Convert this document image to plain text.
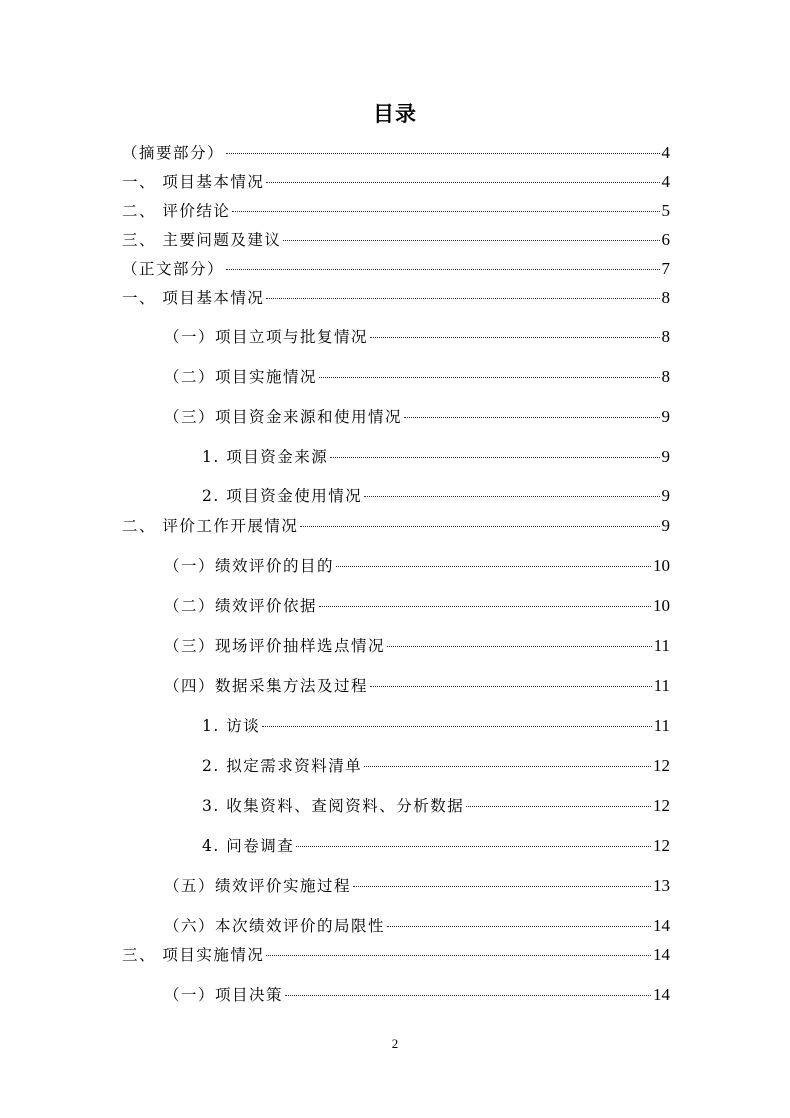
目录
（摘要部分）	4
一、 项目基本情况	4
二、 评价结论	5
三、 主要问题及建议	6
（正文部分）	7
一、 项目基本情况	8
（一）项目立项与批复情况	8
（二）项目实施情况	8
（三）项目资金来源和使用情况	9
1. 项目资金来源	9
2. 项目资金使用情况	9
二、 评价工作开展情况	9
（一）绩效评价的目的	10
（二）绩效评价依据	10
（三）现场评价抽样选点情况	11
（四）数据采集方法及过程	11
1. 访谈	11
2. 拟定需求资料清单	12
3. 收集资料、查阅资料、分析数据	12
4. 问卷调查	12
（五）绩效评价实施过程	13
（六）本次绩效评价的局限性	14
三、 项目实施情况	14
（一）项目决策	14
2
